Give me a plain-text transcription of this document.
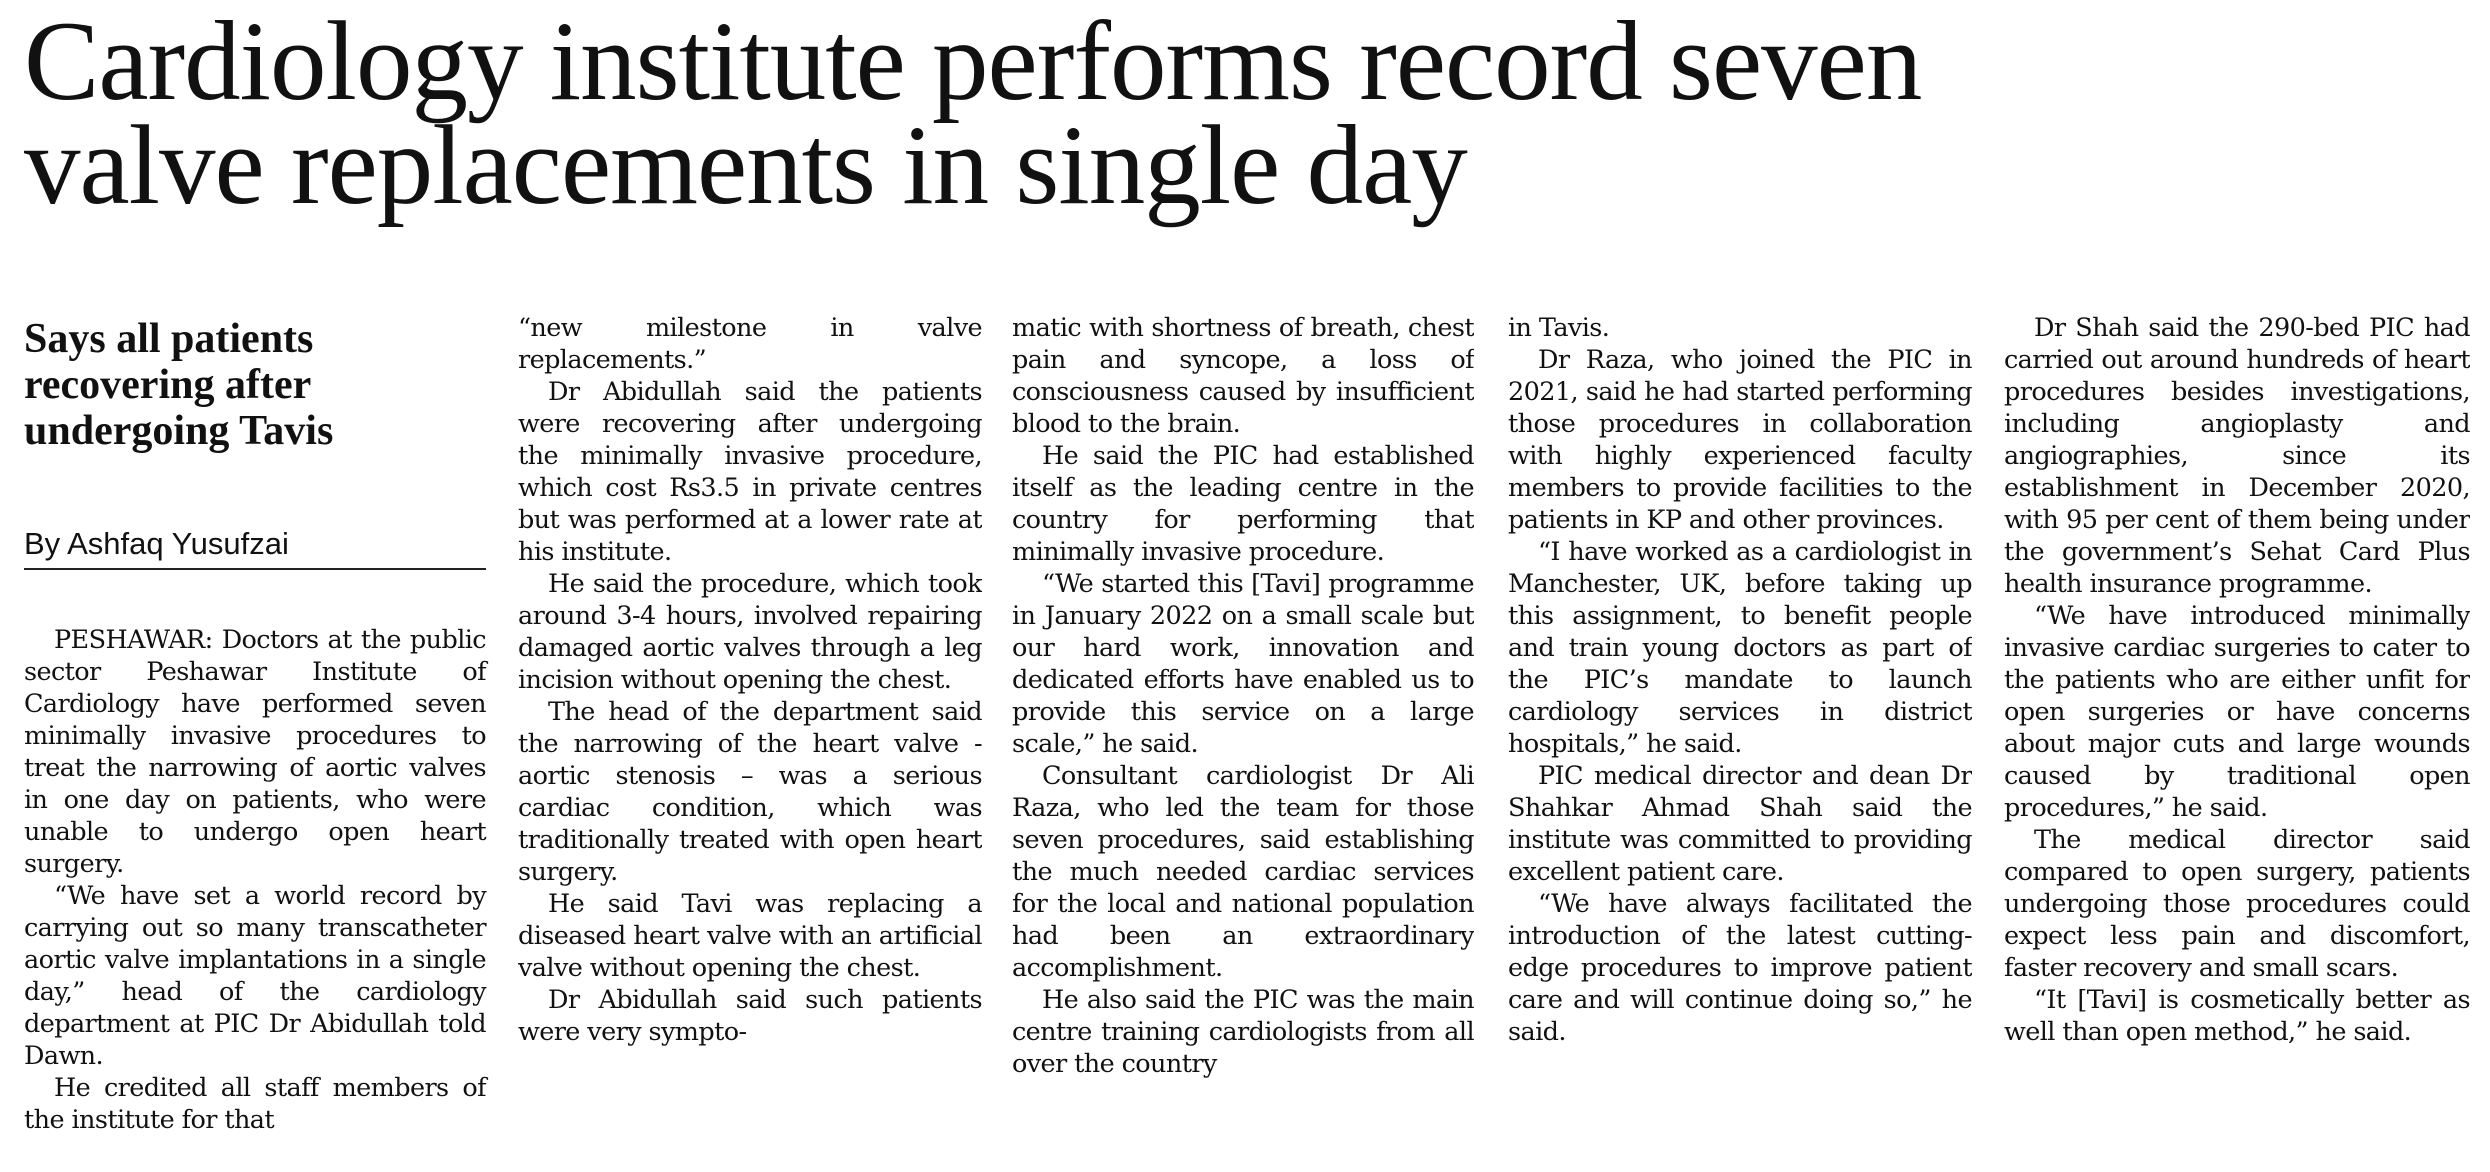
Cardiology institute performs record seven
valve replacements in single day
Says all patients
recovering after
undergoing Tavis
By Ashfaq Yusufzai

PESHAWAR: Doctors at the public sector Peshawar Institute of Cardiology have performed seven minimally invasive procedures to treat the narrowing of aortic valves in one day on patients, who were unable to undergo open heart surgery.

“We have set a world record by carrying out so many transcatheter aortic valve implantations in a single day,” head of the cardiology department at PIC Dr Abidullah told Dawn.

He credited all staff members of the institute for that

“new milestone in valve replacements.”

Dr Abidullah said the patients were recovering after undergoing the minimally invasive procedure, which cost Rs3.5 in private centres but was performed at a lower rate at his institute.

He said the procedure, which took around 3-4 hours, involved repairing damaged aortic valves through a leg incision without opening the chest.

The head of the department said the narrowing of the heart valve - aortic stenosis – was a serious cardiac condition, which was traditionally treated with open heart surgery.

He said Tavi was replacing a diseased heart valve with an artificial valve without opening the chest.

Dr Abidullah said such patients were very sympto-

matic with shortness of breath, chest pain and syncope, a loss of consciousness caused by insufficient blood to the brain.

He said the PIC had established itself as the leading centre in the country for performing that minimally invasive procedure.

“We started this [Tavi] programme in January 2022 on a small scale but our hard work, innovation and dedicated efforts have enabled us to provide this service on a large scale,” he said.

Consultant cardiologist Dr Ali Raza, who led the team for those seven procedures, said establishing the much needed cardiac services for the local and national population had been an extraordinary accomplishment.

He also said the PIC was the main centre training cardiologists from all over the country

in Tavis.

Dr Raza, who joined the PIC in 2021, said he had started performing those procedures in collaboration with highly experienced faculty members to provide facilities to the patients in KP and other provinces.

“I have worked as a cardiologist in Manchester, UK, before taking up this assignment, to benefit people and train young doctors as part of the PIC’s mandate to launch cardiology services in district hospitals,” he said.

PIC medical director and dean Dr Shahkar Ahmad Shah said the institute was committed to providing excellent patient care.

“We have always facilitated the introduction of the latest cutting-edge procedures to improve patient care and will continue doing so,” he said.

Dr Shah said the 290-bed PIC had carried out around hundreds of heart procedures besides investigations, including angioplasty and angiographies, since its establishment in December 2020, with 95 per cent of them being under the government’s Sehat Card Plus health insurance programme.

“We have introduced minimally invasive cardiac surgeries to cater to the patients who are either unfit for open surgeries or have concerns about major cuts and large wounds caused by traditional open procedures,” he said.

The medical director said compared to open surgery, patients undergoing those procedures could expect less pain and discomfort, faster recovery and small scars.

“It [Tavi] is cosmetically better as well than open method,” he said.
